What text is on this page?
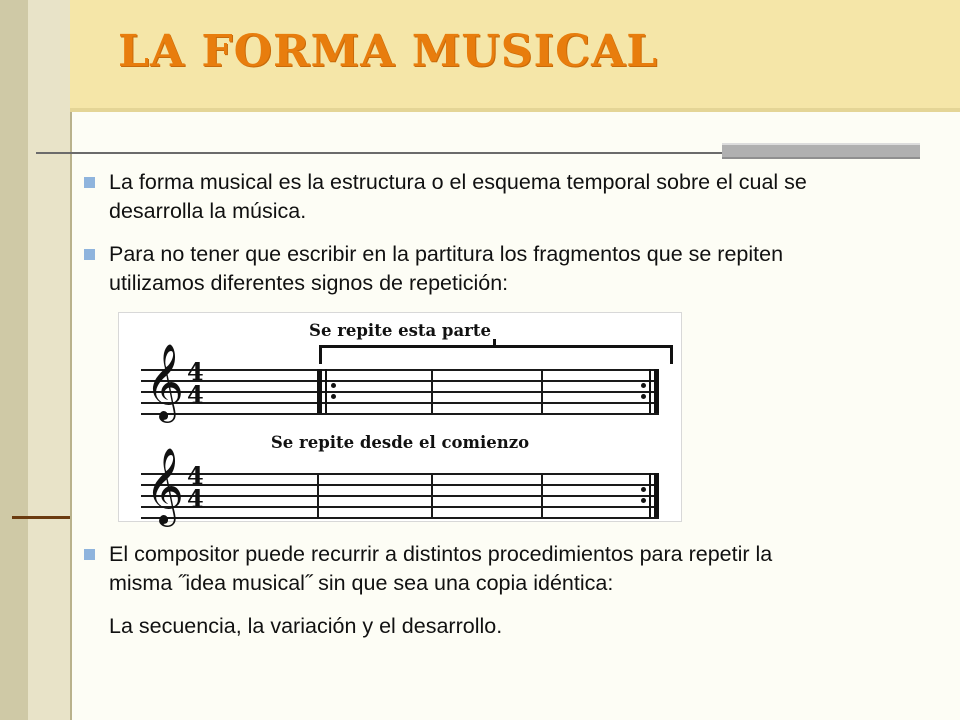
LA FORMA MUSICAL
La forma musical es la estructura o el esquema temporal sobre el cual se desarrolla la música.
Para no tener que escribir en la partitura los fragmentos que se repiten utilizamos diferentes signos de repetición:
Se repite esta parte
𝄞 4
4
Se repite desde el comienzo
𝄞 4
4
El compositor puede recurrir a distintos procedimientos para repetir la misma ˝idea musical˝ sin que sea una copia idéntica:
La secuencia, la variación y el desarrollo.
